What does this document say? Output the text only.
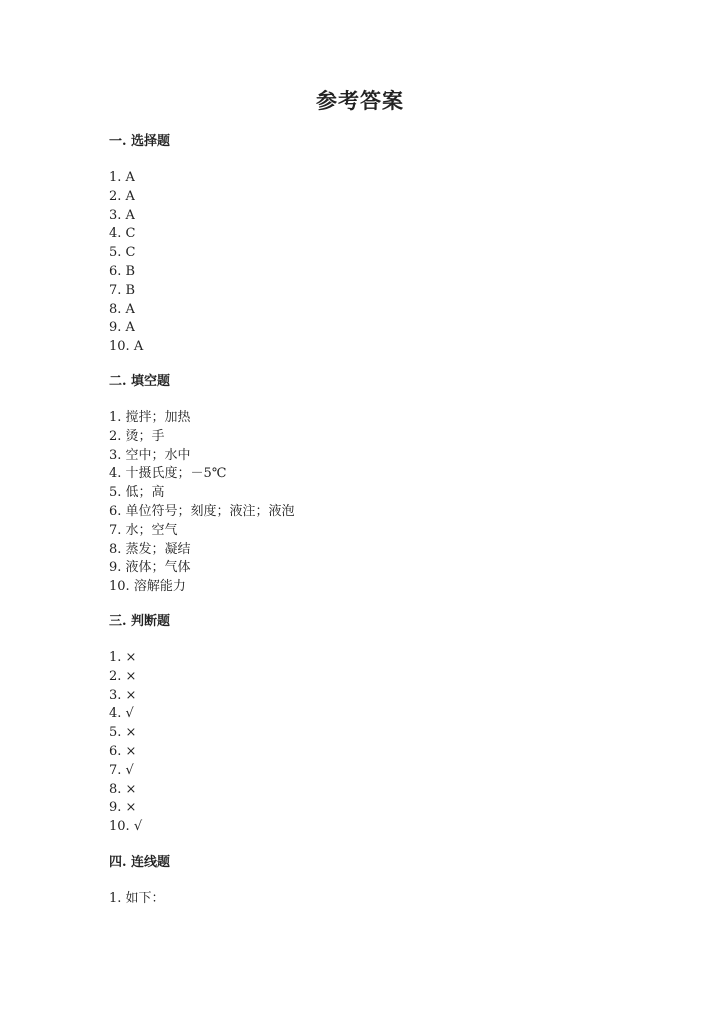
参考答案
一. 选择题
1. A
2. A
3. A
4. C
5. C
6. B
7. B
8. A
9. A
10. A
二. 填空题
1. 搅拌；加热
2. 烫；手
3. 空中；水中
4. 十摄氏度；－5℃
5. 低；高
6. 单位符号；刻度；液注；液泡
7. 水；空气
8. 蒸发；凝结
9. 液体；气体
10. 溶解能力
三. 判断题
1. ×
2. ×
3. ×
4. √
5. ×
6. ×
7. √
8. ×
9. ×
10. √
四. 连线题
1. 如下：
